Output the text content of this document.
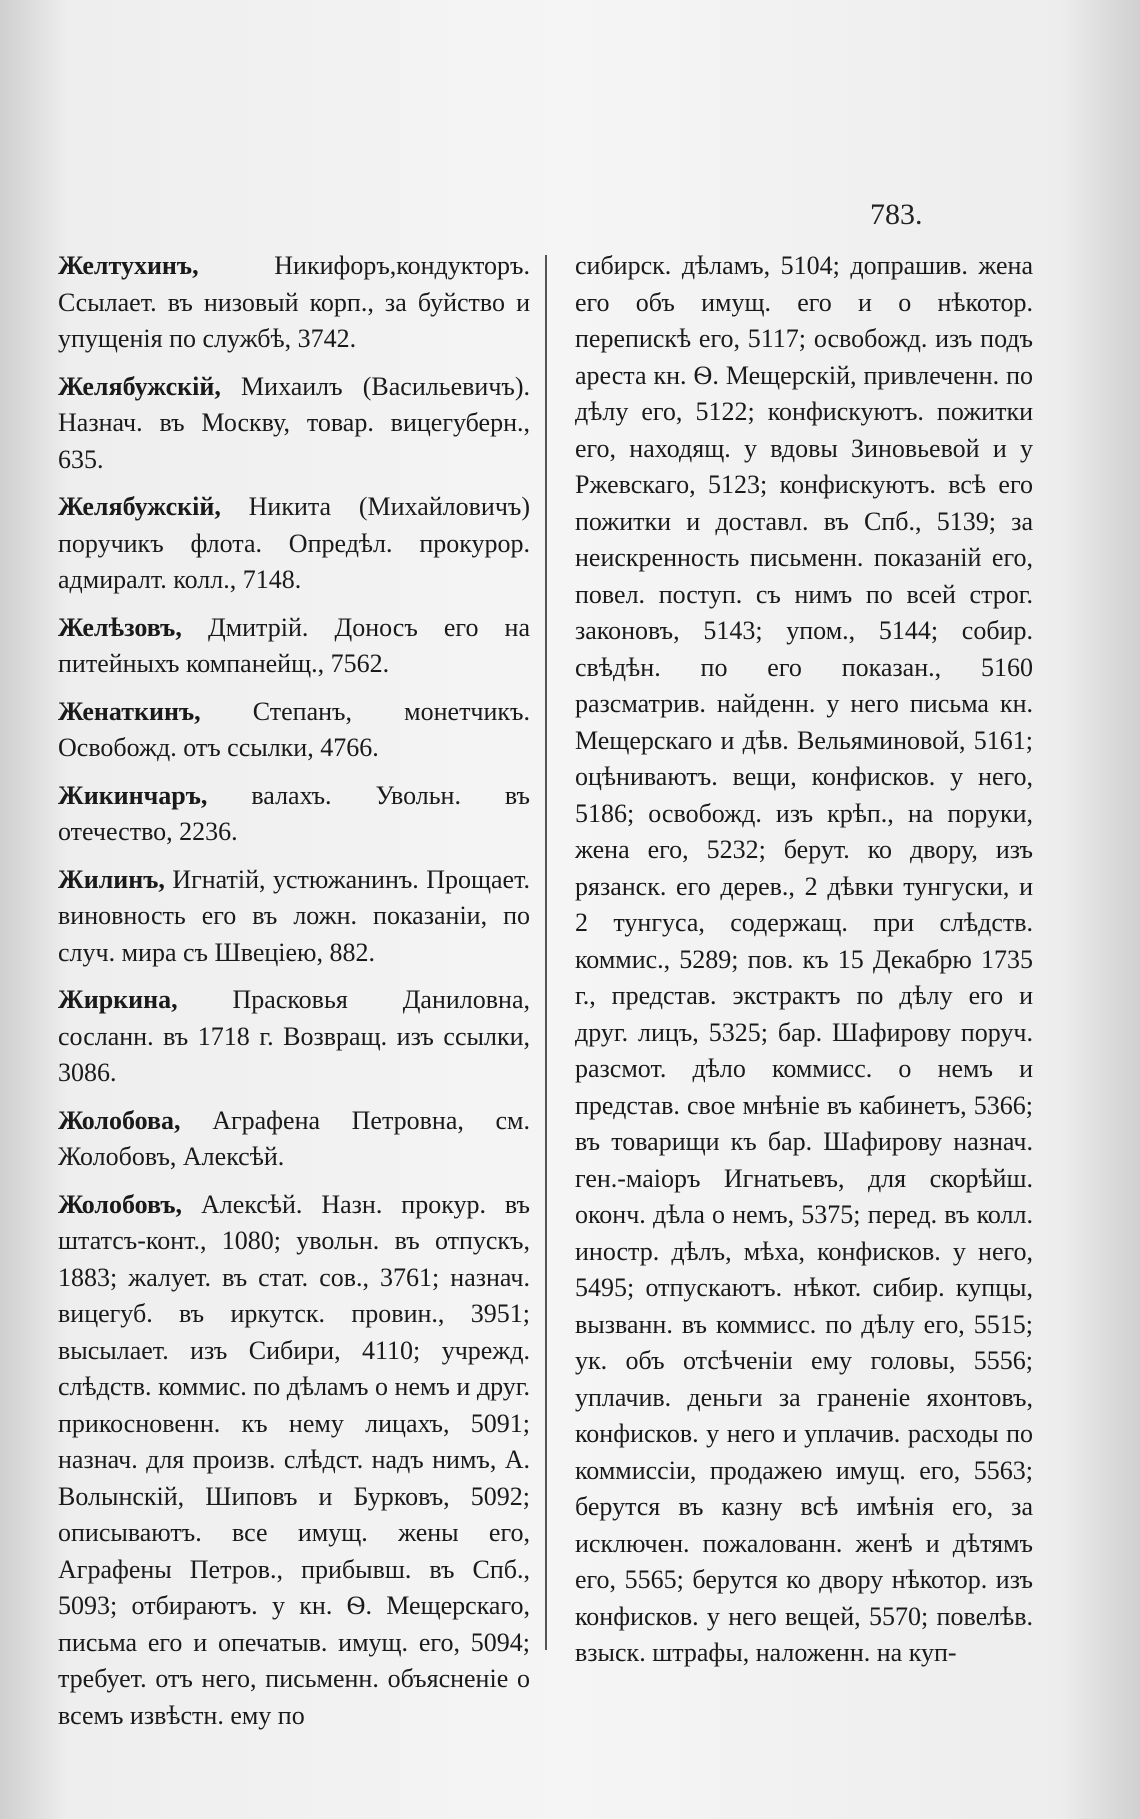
783.
Желтухинъ,	Никифоръ,кондукторъ. Ссылает. въ низовый корп., за буйство и упущенія по службѣ, 3742.
Желябужскій, Михаилъ (Васильевичъ). Назнач. въ Москву, товар. вицегуберн., 635.
Желябужскій, Никита (Михайловичъ) поручикъ флота. Опредѣл. прокурор. адмиралт. колл., 7148.
Желѣзовъ, Дмитрій. Доносъ его на питейныхъ компанейщ., 7562.
Женаткинъ, Степанъ, монетчикъ. Освобожд. отъ ссылки, 4766.
Жикинчаръ, валахъ. Увольн. въ отечество, 2236.
Жилинъ, Игнатій, устюжанинъ. Прощает. виновность его въ ложн. показаніи, по случ. мира съ Швеціею, 882.
Жиркина, Прасковья Даниловна, сосланн. въ 1718 г. Возвращ. изъ ссылки, 3086.
Жолобова, Аграфена Петровна, см. Жолобовъ, Алексѣй.
Жолобовъ, Алексѣй. Назн. прокур. въ штатсъ-конт., 1080; увольн. въ отпускъ, 1883; жалует. въ стат. сов., 3761; назнач. вицегуб. въ иркутск. провин., 3951; высылает. изъ Сибири, 4110; учрежд. слѣдств. коммис. по дѣламъ о немъ и друг. прикосновенн. къ нему лицахъ, 5091; назнач. для произв. слѣдст. надъ нимъ, А. Волынскій, Шиповъ и Бурковъ, 5092; описываютъ. все имущ. жены его, Аграфены Петров., прибывш. въ Спб., 5093; отбираютъ. у кн. Ѳ. Мещерскаго, письма его и опечатыв. имущ. его, 5094; требует. отъ него, письменн. объясненіе о всемъ извѣстн. ему по
сибирск. дѣламъ, 5104; допрашив. жена его объ имущ. его и о нѣкотор. перепискѣ его, 5117; освобожд. изъ подъ ареста кн. Ѳ. Мещерскій, привлеченн. по дѣлу его, 5122; конфискуютъ. пожитки его, находящ. у вдовы Зиновьевой и у Ржевскаго, 5123; конфискуютъ. всѣ его пожитки и доставл. въ Спб., 5139; за неискренность письменн. показаній его, повел. поступ. съ нимъ по всей строг. законовъ, 5143; упом., 5144; собир. свѣдѣн. по его показан., 5160 разсматрив. найденн. у него письма кн. Мещерскаго и дѣв. Вельяминовой, 5161; оцѣниваютъ. вещи, конфисков. у него, 5186; освобожд. изъ крѣп., на поруки, жена его, 5232; берут. ко двору, изъ рязанск. его дерев., 2 дѣвки тунгуски, и 2 тунгуса, содержащ. при слѣдств. коммис., 5289; пов. къ 15 Декабрю 1735 г., представ. экстрактъ по дѣлу его и друг. лицъ, 5325; бар. Шафирову поруч. разсмот. дѣло коммисс. о немъ и представ. свое мнѣніе въ кабинетъ, 5366; въ товарищи къ бар. Шафирову назнач. ген.-маіоръ Игнатьевъ, для скорѣйш. оконч. дѣла о немъ, 5375; перед. въ колл. иностр. дѣлъ, мѣха, конфисков. у него, 5495; отпускаютъ. нѣкот. сибир. купцы, вызванн. въ коммисс. по дѣлу его, 5515; ук. объ отсѣченіи ему головы, 5556; уплачив. деньги за граненіе яхонтовъ, конфисков. у него и уплачив. расходы по коммиссіи, продажею имущ. его, 5563; берутся въ казну всѣ имѣнія его, за исключен. пожалованн. женѣ и дѣтямъ его, 5565; берутся ко двору нѣкотор. изъ конфисков. у него вещей, 5570; повелѣв. взыск. штрафы, наложенн. на куп-
